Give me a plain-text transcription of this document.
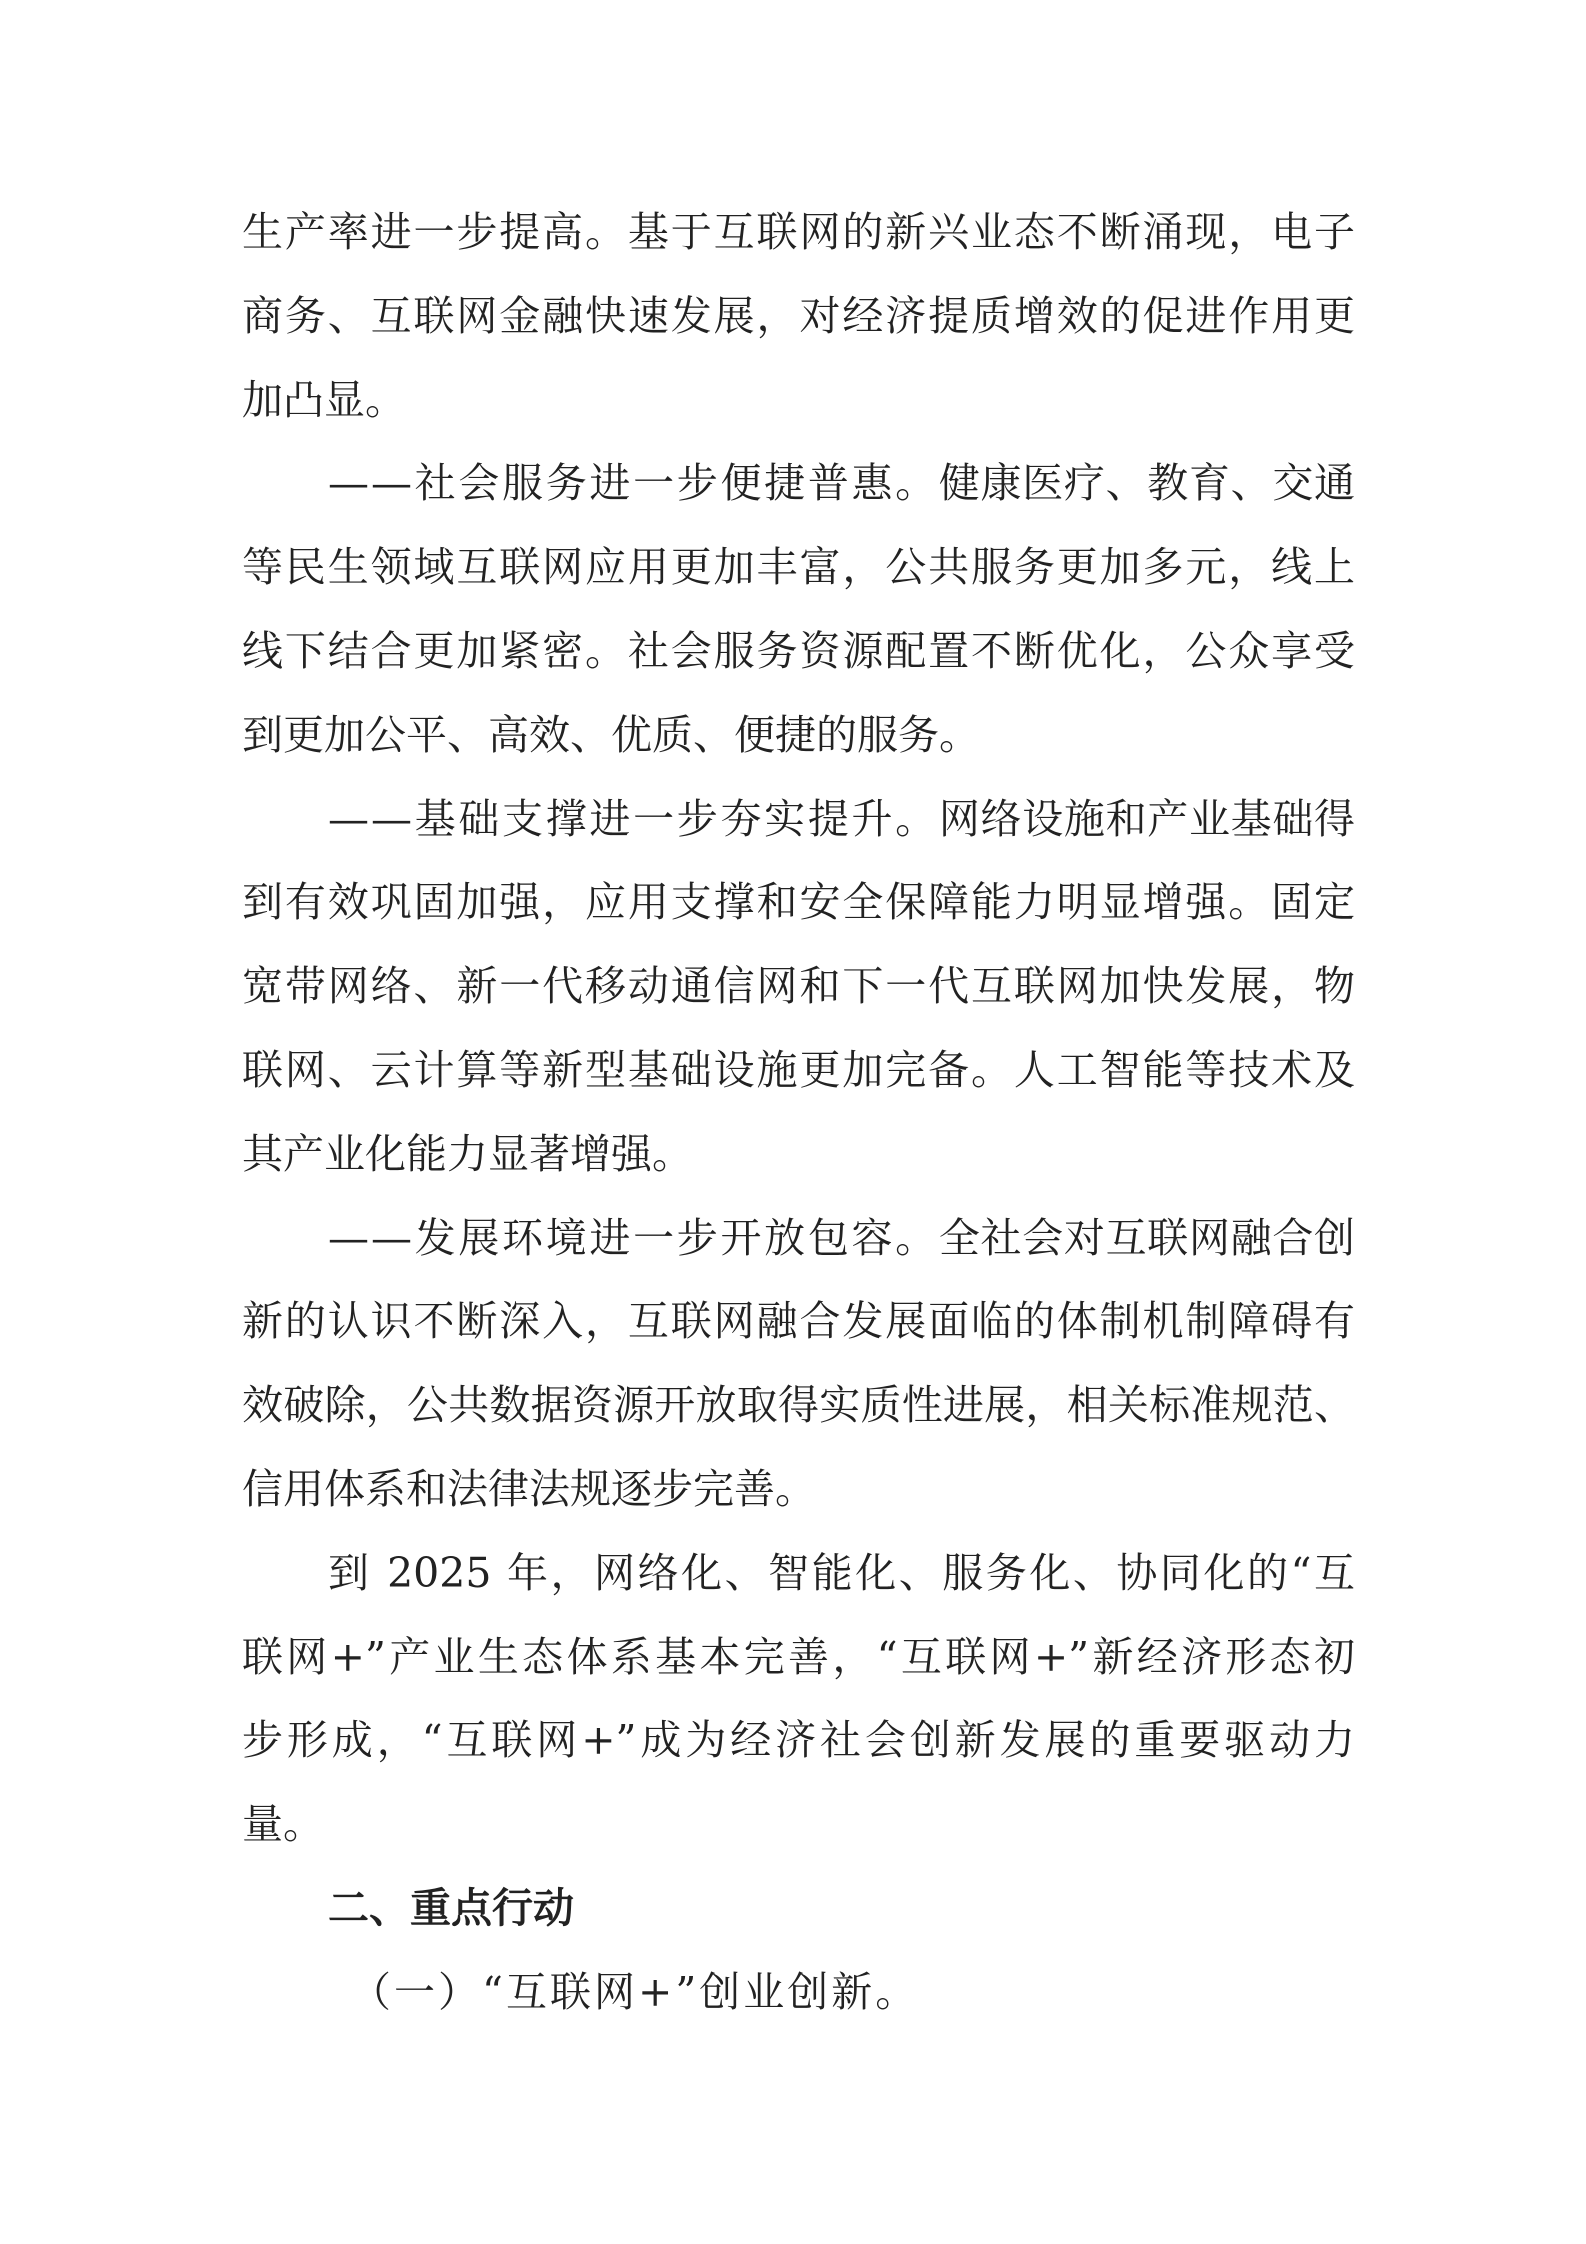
生产率进一步提高。基于互联网的新兴业态不断涌现，电子
商务、互联网金融快速发展，对经济提质增效的促进作用更
加凸显。
——社会服务进一步便捷普惠。健康医疗、教育、交通
等民生领域互联网应用更加丰富，公共服务更加多元，线上
线下结合更加紧密。社会服务资源配置不断优化，公众享受
到更加公平、高效、优质、便捷的服务。
——基础支撑进一步夯实提升。网络设施和产业基础得
到有效巩固加强，应用支撑和安全保障能力明显增强。固定
宽带网络、新一代移动通信网和下一代互联网加快发展，物
联网、云计算等新型基础设施更加完备。人工智能等技术及
其产业化能力显著增强。
——发展环境进一步开放包容。全社会对互联网融合创
新的认识不断深入，互联网融合发展面临的体制机制障碍有
效破除，公共数据资源开放取得实质性进展，相关标准规范、
信用体系和法律法规逐步完善。
到 2025 年，网络化、智能化、服务化、协同化的“互
联网+”产业生态体系基本完善，“互联网+”新经济形态初
步形成，“互联网+”成为经济社会创新发展的重要驱动力
量。
二、重点行动
（一）“互联网+”创业创新。
